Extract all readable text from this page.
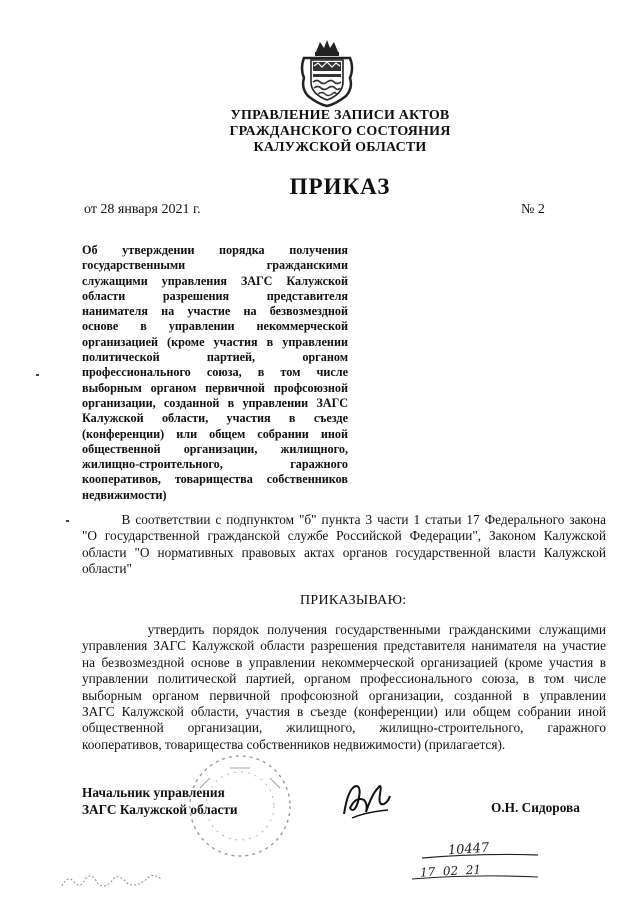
УПРАВЛЕНИЕ ЗАПИСИ АКТОВ
ГРАЖДАНСКОГО СОСТОЯНИЯ
КАЛУЖСКОЙ ОБЛАСТИ
ПРИКАЗ
от 28 января 2021 г.	№ 2
Об утверждении порядка получения
государственными гражданскими
служащими управления ЗАГС Калужской
области разрешения представителя
нанимателя на участие на безвозмездной
основе в управлении некоммерческой
организацией (кроме участия в управлении
политической партией, органом
профессионального союза, в том числе
выборным органом первичной профсоюзной
организации, созданной в управлении ЗАГС
Калужской области, участия в съезде
(конференции) или общем собрании иной
общественной организации, жилищного,
жилищно-строительного, гаражного
кооперативов, товарищества собственников
недвижимости)
В соответствии с подпунктом "б" пункта 3 части 1 статьи 17 Федерального закона
"О государственной гражданской службе Российской Федерации", Законом Калужской
области "О нормативных правовых актах органов государственной власти Калужской
области"
ПРИКАЗЫВАЮ:
утвердить порядок получения государственными гражданскими служащими
управления ЗАГС Калужской области разрешения представителя нанимателя на участие
на безвозмездной основе в управлении некоммерческой организацией (кроме участия в
управлении политической партией, органом профессионального союза, в том числе
выборным органом первичной профсоюзной организации, созданной в управлении
ЗАГС Калужской области, участия в съезде (конференции) или общем собрании иной
общественной организации, жилищного, жилищно-строительного, гаражного
кооперативов, товарищества собственников недвижимости) (прилагается).
Начальник управления
ЗАГС Калужской области	О.Н. Сидорова
10447
17  02  21
